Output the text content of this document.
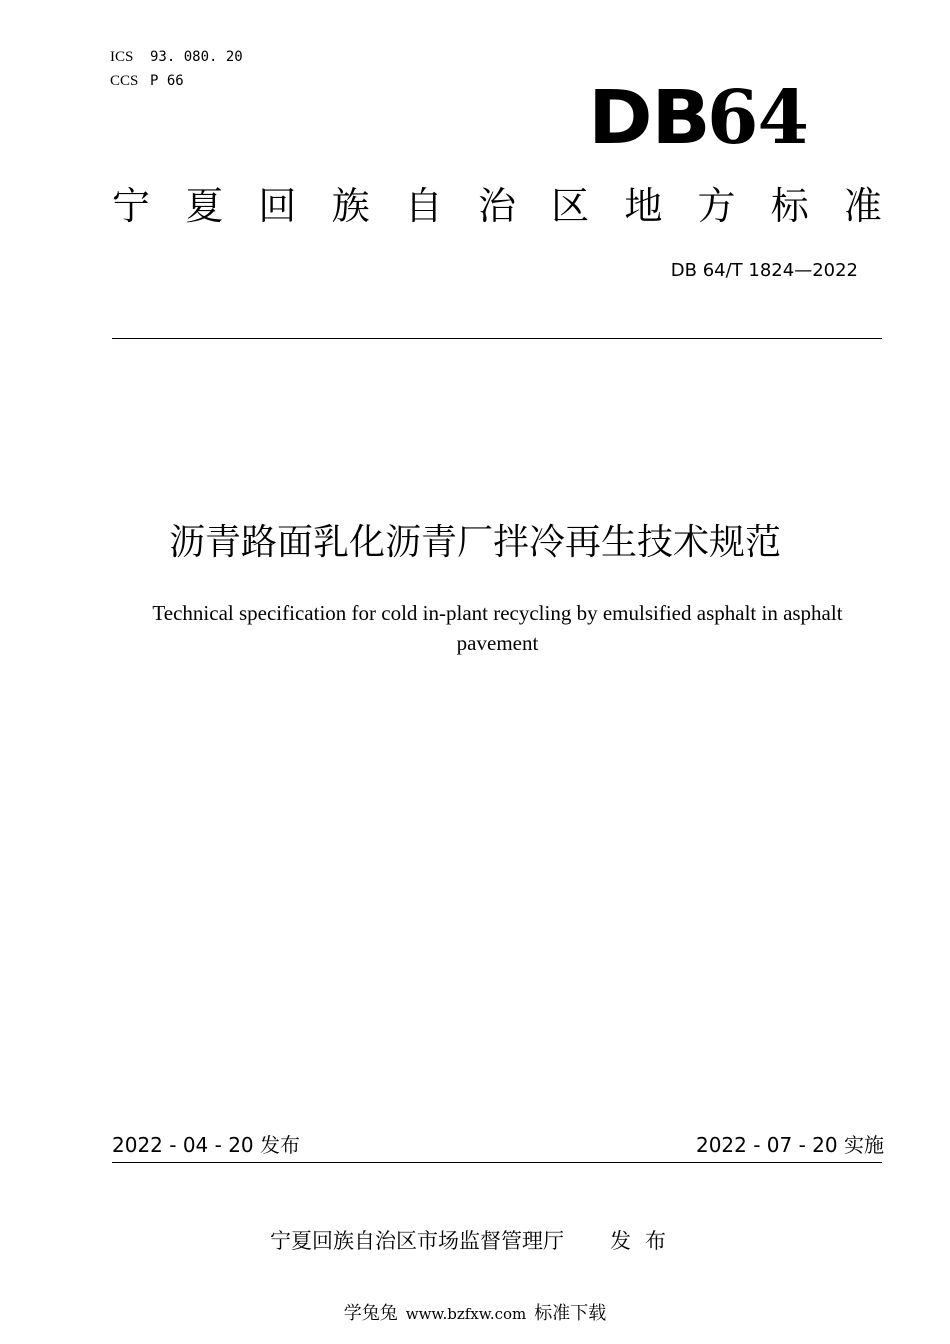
ICS 93. 080. 20
CCS P 66	DB64
宁 夏 回 族 自 治 区 地 方 标 准
DB 64/T 1824—2022
沥青路面乳化沥青厂拌冷再生技术规范
Technical specification for cold in-plant recycling by emulsified asphalt in asphalt pavement
2022 - 04 - 20 发布	2022 - 07 - 20 实施
宁夏回族自治区市场监督管理厅 发布
学兔兔 www.bzfxw.com 标准下载
